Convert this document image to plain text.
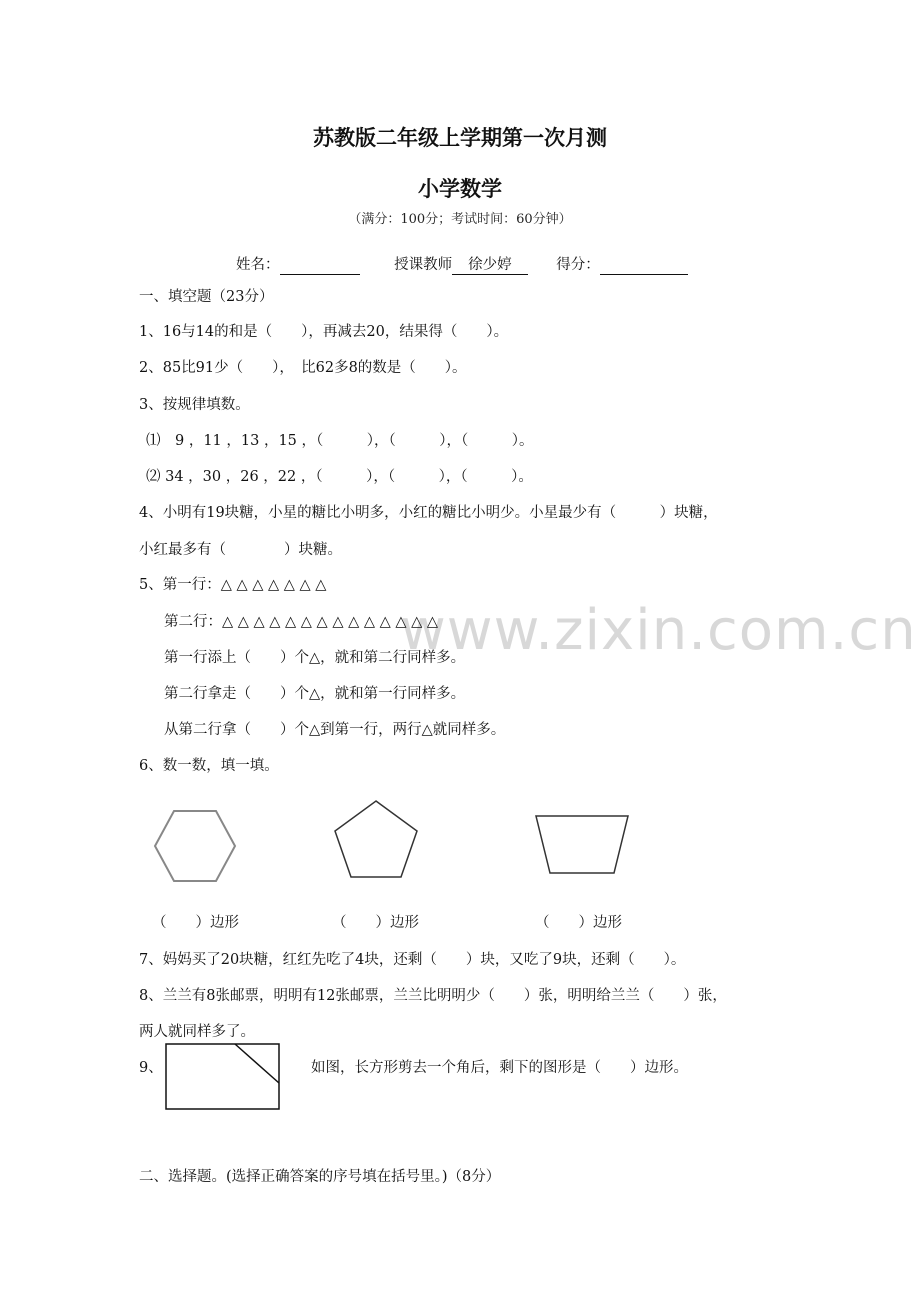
www.zixin.com.cn
苏教版二年级上学期第一次月测
小学数学
（满分：100分；考试时间：60分钟）
姓名：	授课教师 徐少婷	得分：
一、填空题（23分）
1、16与14的和是（　　），再减去20，结果得（　　）。
2、85比91少（　　），　比62多8的数是（　　）。
3、按规律填数。
⑴　9 ，11 ，13 ，15 ，（　　　），（　　　），（　　　）。
⑵ 34 ，30 ，26 ，22 ，（　　　），（　　　），（　　　）。
4、小明有19块糖，小星的糖比小明多，小红的糖比小明少。小星最少有（　　　）块糖，
小红最多有（　　　　）块糖。
5、第一行：△ △ △ △ △ △ △
第二行：△ △ △ △ △ △ △ △ △ △ △ △ △ △
第一行添上（　　）个△，就和第二行同样多。
第二行拿走（　　）个△，就和第一行同样多。
从第二行拿（　　）个△到第一行，两行△就同样多。
6、数一数，填一填。
（　　）边形	（　　）边形	（　　）边形
7、妈妈买了20块糖，红红先吃了4块，还剩（　　）块，又吃了9块，还剩（　　）。
8、兰兰有8张邮票，明明有12张邮票，兰兰比明明少（　　）张，明明给兰兰（　　）张，
两人就同样多了。
9、	如图，长方形剪去一个角后，剩下的图形是（　　）边形。
二、选择题。(选择正确答案的序号填在括号里。)（8分）
